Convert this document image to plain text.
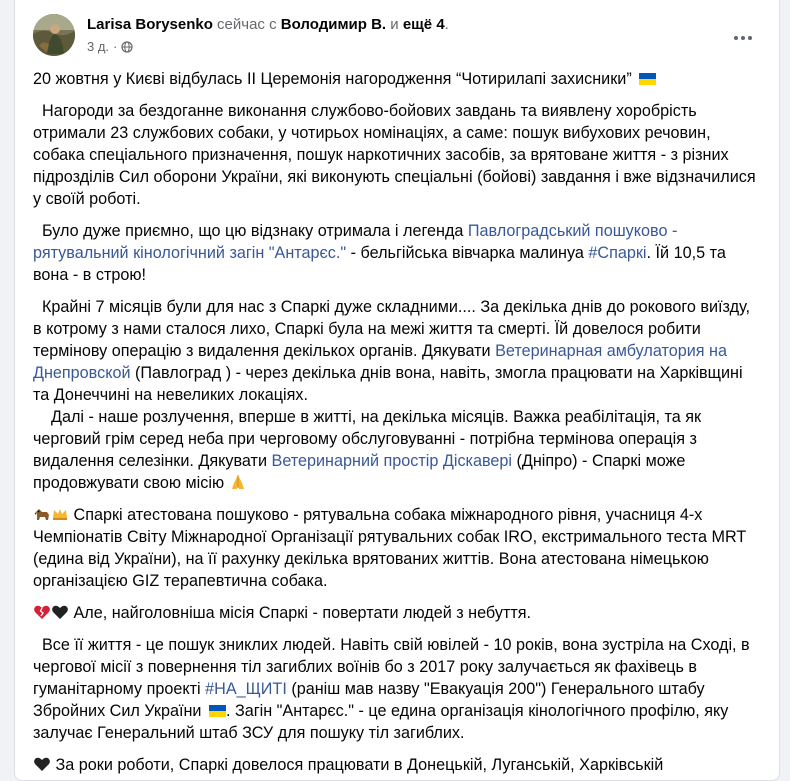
Larisa Borysenko сейчас с Володимир В. и ещё 4.
3 д. ·

20 жовтня у Києві відбулась ІІ Церемонія нагородження “Чотирилапі захисники”

Нагороди за бездоганне виконання службово-бойових завдань та виявлену хоробрість отримали 23 службових собаки, у чотирьох номінаціях, а саме: пошук вибухових речовин, собака спеціального призначення, пошук наркотичних засобів, за врятоване життя - з різних підрозділів Сил оборони України, які виконують спеціальні (бойові) завдання і вже відзначилися у своїй роботі.

Було дуже приємно, що цю відзнаку отримала і легенда Павлоградський пошуково - рятувальний кінологічний загін "Антарєс." - бельгійська вівчарка малинуа #Спаркі. Їй 10,5 та вона - в строю!

Крайні 7 місяців були для нас з Спаркі дуже складними.... За декілька днів до рокового виїзду, в котрому з нами сталося лихо, Спаркі була на межі життя та смерті. Їй довелося робити термінову операцію з видалення декількох органів. Дякувати Ветеринарная амбулатория на Днепровской (Павлоград ) - через декілька днів вона, навіть, змогла працювати на Харківщині та Донеччині на невеликих локаціях.

Далі - наше розлучення, вперше в житті, на декілька місяців. Важка реабілітація, та як черговий грім серед неба при черговому обслуговуванні - потрібна термінова операція з видалення селезінки. Дякувати Ветеринарний простір Діскавері (Дніпро) - Спаркі може продовжувати свою місію

Спаркі атестована пошуково - рятувальна собака міжнародного рівня, учасниця 4-х Чемпіонатів Світу Міжнародної Організації рятувальних собак IRO, екстримального теста MRT (едина від України), на її рахунку декілька врятованих життів. Вона атестована німецькою організацією GIZ терапевтична собака.

Але, найголовніша місія Спаркі - повертати людей з небуття.

Все її життя - це пошук зниклих людей. Навіть свій ювілей - 10 років, вона зустріла на Сході, в чергової місії з повернення тіл загиблих воїнів бо з 2017 року залучається як фахівець в гуманітарному проекті #НА_ЩИТІ (раніш мав назву "Евакуація 200") Генерального штабу Збройних Сил України . Загін "Антарєс." - це едина організація кінологічного профілю, яку залучає Генеральний штаб ЗСУ для пошуку тіл загиблих.

За роки роботи, Спаркі довелося працювати в Донецькій, Луганській, Харківській
